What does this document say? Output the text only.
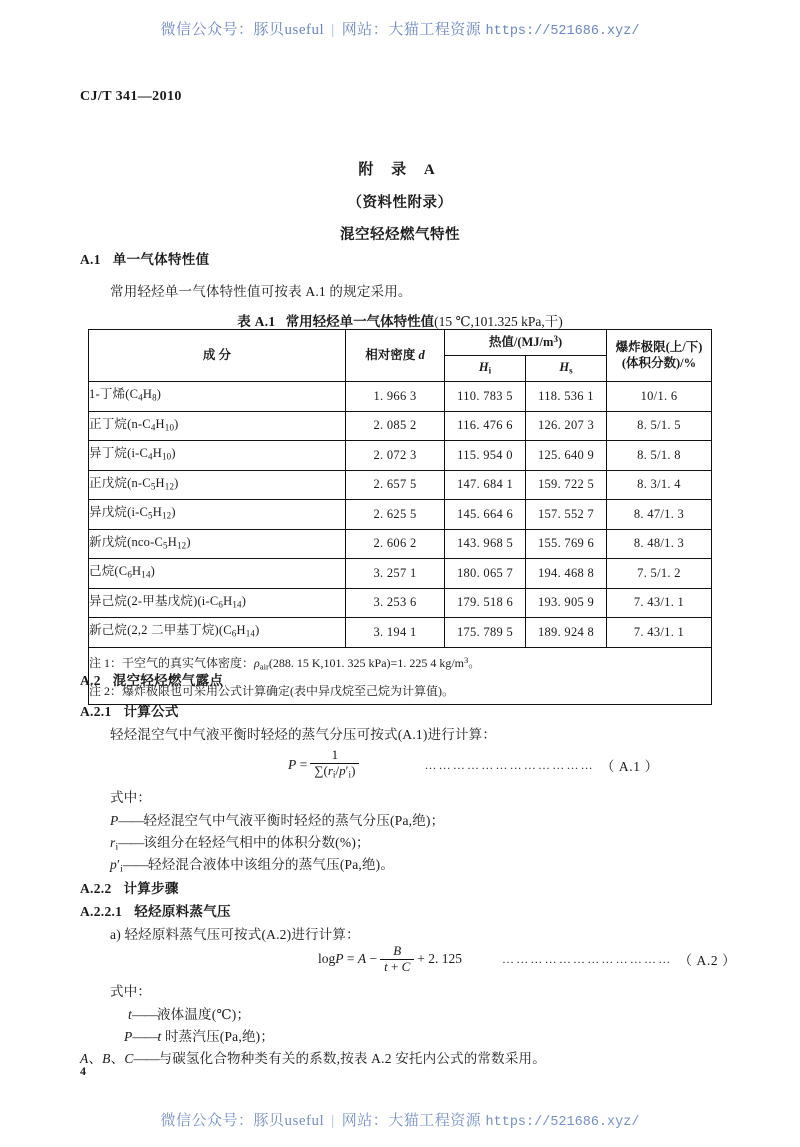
微信公众号：豚贝useful | 网站：大猫工程资源 https://521686.xyz/
CJ/T 341—2010
附 录 A
（资料性附录）
混空轻烃燃气特性
A.1 单一气体特性值
常用轻烃单一气体特性值可按表 A.1 的规定采用。
表 A.1 常用轻烃单一气体特性值(15 ℃,101.325 kPa,干)
成 分	相对密度 d	热值$/(MJ/m^3)$		爆炸极限(上/下)
(体积分数)/%
		$H_i$	$H_s$
1-丁烯$(C_4H_8)$	1. 966 3	110. 783 5	118. 536 1	10/1. 6
正丁烷$(n-C_4H_{10})$	2. 085 2	116. 476 6	126. 207 3	8. 5/1. 5
异丁烷$(i-C_4H_{10})$	2. 072 3	115. 954 0	125. 640 9	8. 5/1. 8
正戊烷$(n-C_5H_{12})$	2. 657 5	147. 684 1	159. 722 5	8. 3/1. 4
异戊烷$(i-C_5H_{12})$	2. 625 5	145. 664 6	157. 552 7	8. 47/1. 3
新戊烷$(nco-C_5H_{12})$	2. 606 2	143. 968 5	155. 769 6	8. 48/1. 3
己烷$(C_6H_{14})$	3. 257 1	180. 065 7	194. 468 8	7. 5/1. 2
异己烷(2-甲基戊烷)$(i-C_6H_{14})$	3. 253 6	179. 518 6	193. 905 9	7. 43/1. 1
新己烷(2,2 二甲基丁烷)$(C_6H_{14})$	3. 194 1	175. 789 5	189. 924 8	7. 43/1. 1

注 1：干空气的真实气体密度：$\rho_{air}(288$. 15 K,101. 325 kPa)=1. 225 4 $kg/m^3$。
注 2：爆炸极限也可采用公式计算确定(表中异戊烷至己烷为计算值)。				
A.2 混空轻烃燃气露点
A.2.1 计算公式
轻烃混空气中气液平衡时轻烃的蒸气分压可按式(A.1)进行计算：
$P = \frac{1}{\sum(r_i/p'_i)}$	……………………………… （ A.1 ）
式中：
P——轻烃混空气中气液平衡时轻烃的蒸气分压(Pa,绝)；
$r_i——$该组分在轻烃气相中的体积分数(%)；
$p'_i——$轻烃混合液体中该组分的蒸气压(Pa,绝)。
A.2.2 计算步骤
A.2.2.1 轻烃原料蒸气压
a) 轻烃原料蒸气压可按式(A.2)进行计算：
$\log P = A - \frac{B}{t + C} + 2$. 125	……………………………… （ A.2 ）
式中：
t——液体温度(℃)；
P——t 时蒸汽压(Pa,绝)；
A、B、C——与碳氢化合物种类有关的系数,按表 A.2 安托内公式的常数采用。
4
微信公众号：豚贝useful | 网站：大猫工程资源 https://521686.xyz/
